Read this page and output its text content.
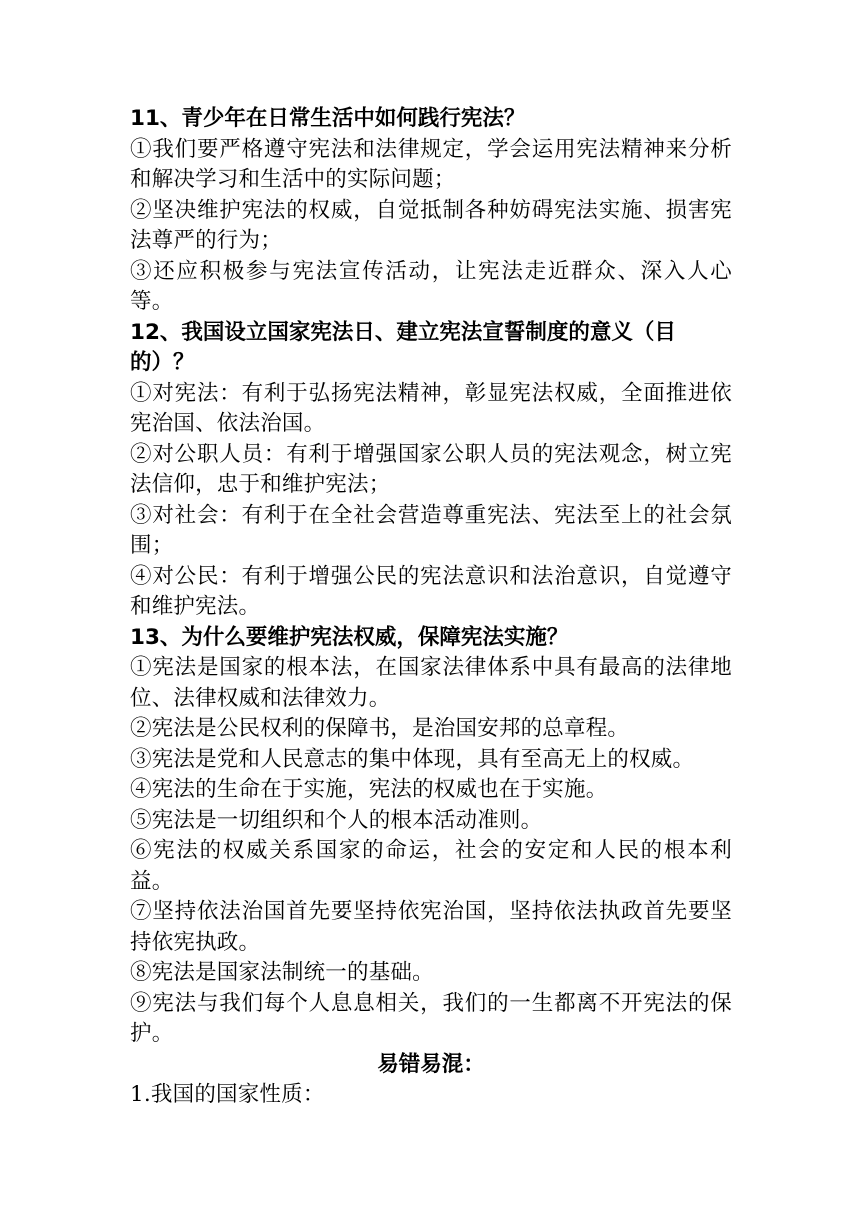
11、青少年在日常生活中如何践行宪法？
①我们要严格遵守宪法和法律规定，学会运用宪法精神来分析和解决学习和生活中的实际问题；
②坚决维护宪法的权威，自觉抵制各种妨碍宪法实施、损害宪法尊严的行为；
③还应积极参与宪法宣传活动，让宪法走近群众、深入人心等。
12、我国设立国家宪法日、建立宪法宣誓制度的意义（目的）？
①对宪法：有利于弘扬宪法精神，彰显宪法权威，全面推进依宪治国、依法治国。
②对公职人员：有利于增强国家公职人员的宪法观念，树立宪法信仰，忠于和维护宪法；
③对社会：有利于在全社会营造尊重宪法、宪法至上的社会氛围；
④对公民：有利于增强公民的宪法意识和法治意识，自觉遵守和维护宪法。
13、为什么要维护宪法权威，保障宪法实施？
①宪法是国家的根本法，在国家法律体系中具有最高的法律地位、法律权威和法律效力。
②宪法是公民权利的保障书，是治国安邦的总章程。
③宪法是党和人民意志的集中体现，具有至高无上的权威。
④宪法的生命在于实施，宪法的权威也在于实施。
⑤宪法是一切组织和个人的根本活动准则。
⑥宪法的权威关系国家的命运，社会的安定和人民的根本利益。
⑦坚持依法治国首先要坚持依宪治国，坚持依法执政首先要坚持依宪执政。
⑧宪法是国家法制统一的基础。
⑨宪法与我们每个人息息相关，我们的一生都离不开宪法的保护。
易错易混：
1.我国的国家性质：
